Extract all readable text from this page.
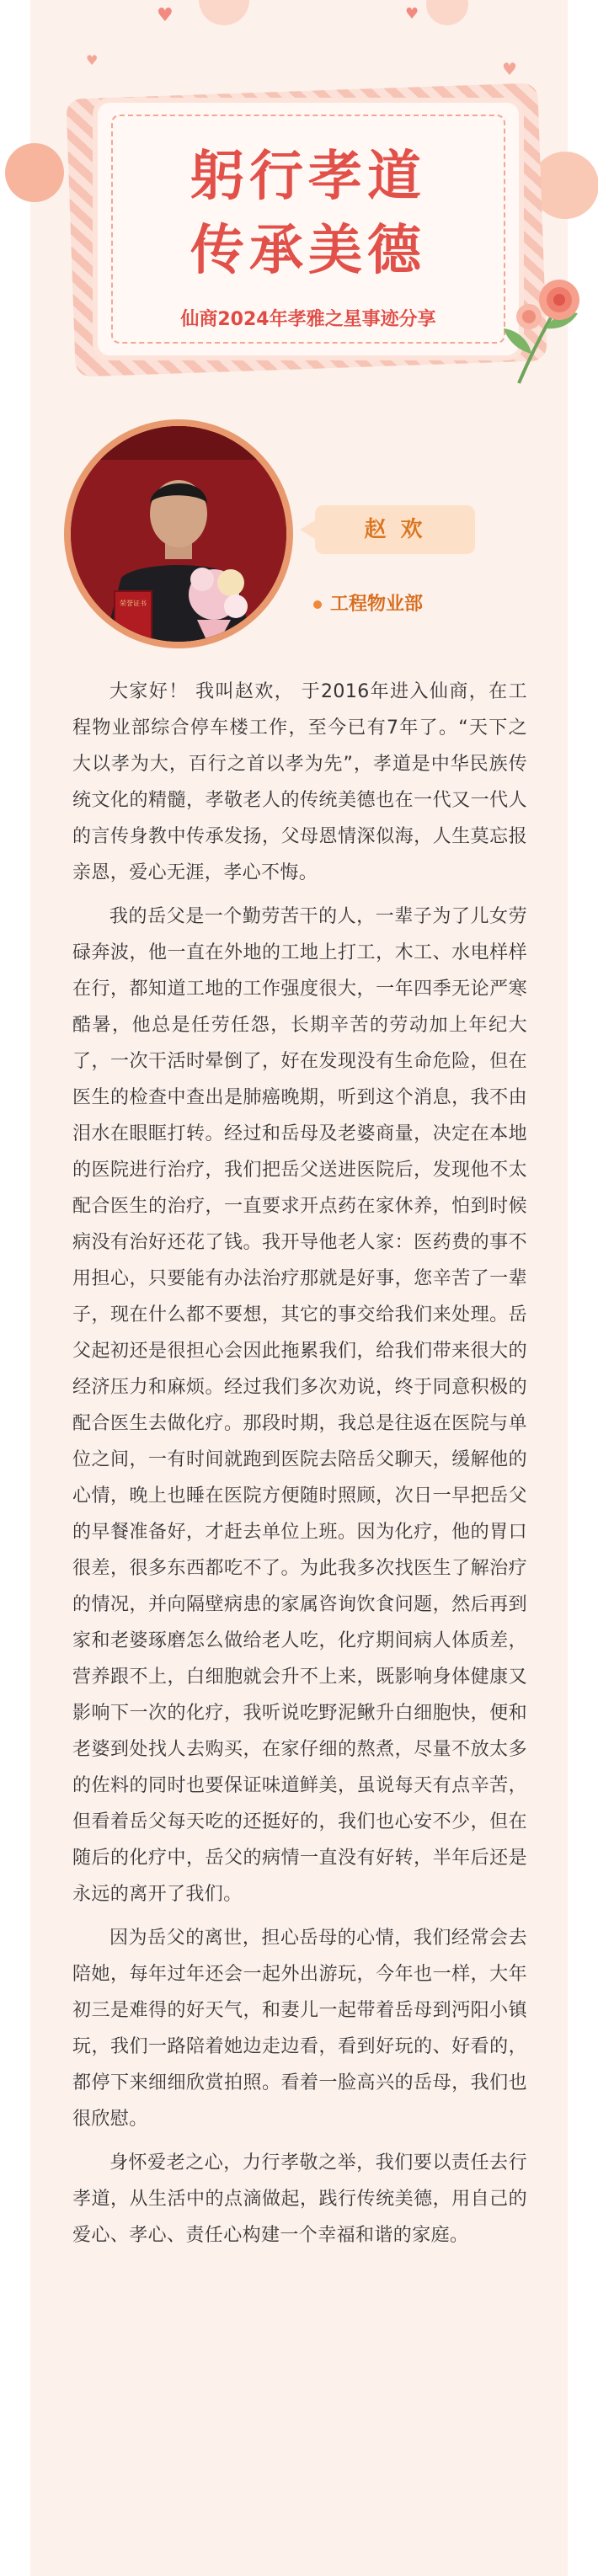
♥	♥
♥	♥
躬行孝道
传承美德
仙商2024年孝雅之星事迹分享
荣誉证书
赵 欢
工程物业部

大家好！ 我叫赵欢， 于2016年进入仙商，在工程物业部综合停车楼工作，至今已有7年了。“天下之大以孝为大，百行之首以孝为先”，孝道是中华民族传统文化的精髓，孝敬老人的传统美德也在一代又一代人的言传身教中传承发扬，父母恩情深似海，人生莫忘报亲恩，爱心无涯，孝心不悔。

我的岳父是一个勤劳苦干的人，一辈子为了儿女劳碌奔波，他一直在外地的工地上打工，木工、水电样样在行，都知道工地的工作强度很大，一年四季无论严寒酷暑，他总是任劳任怨，长期辛苦的劳动加上年纪大了，一次干活时晕倒了，好在发现没有生命危险，但在医生的检查中查出是肺癌晚期，听到这个消息，我不由泪水在眼眶打转。经过和岳母及老婆商量，决定在本地的医院进行治疗，我们把岳父送进医院后，发现他不太配合医生的治疗，一直要求开点药在家休养，怕到时候病没有治好还花了钱。我开导他老人家：医药费的事不用担心，只要能有办法治疗那就是好事，您辛苦了一辈子，现在什么都不要想，其它的事交给我们来处理。岳父起初还是很担心会因此拖累我们，给我们带来很大的经济压力和麻烦。经过我们多次劝说，终于同意积极的配合医生去做化疗。那段时期，我总是往返在医院与单位之间，一有时间就跑到医院去陪岳父聊天，缓解他的心情，晚上也睡在医院方便随时照顾，次日一早把岳父的早餐准备好，才赶去单位上班。因为化疗，他的胃口很差，很多东西都吃不了。为此我多次找医生了解治疗的情况，并向隔壁病患的家属咨询饮食问题，然后再到家和老婆琢磨怎么做给老人吃，化疗期间病人体质差，营养跟不上，白细胞就会升不上来，既影响身体健康又影响下一次的化疗，我听说吃野泥鳅升白细胞快，便和老婆到处找人去购买，在家仔细的熬煮，尽量不放太多的佐料的同时也要保证味道鲜美，虽说每天有点辛苦，但看着岳父每天吃的还挺好的，我们也心安不少，但在随后的化疗中，岳父的病情一直没有好转，半年后还是永远的离开了我们。

因为岳父的离世，担心岳母的心情，我们经常会去陪她，每年过年还会一起外出游玩，今年也一样，大年初三是难得的好天气，和妻儿一起带着岳母到沔阳小镇玩，我们一路陪着她边走边看，看到好玩的、好看的，都停下来细细欣赏拍照。看着一脸高兴的岳母，我们也很欣慰。

身怀爱老之心，力行孝敬之举，我们要以责任去行孝道，从生活中的点滴做起，践行传统美德，用自己的爱心、孝心、责任心构建一个幸福和谐的家庭。
